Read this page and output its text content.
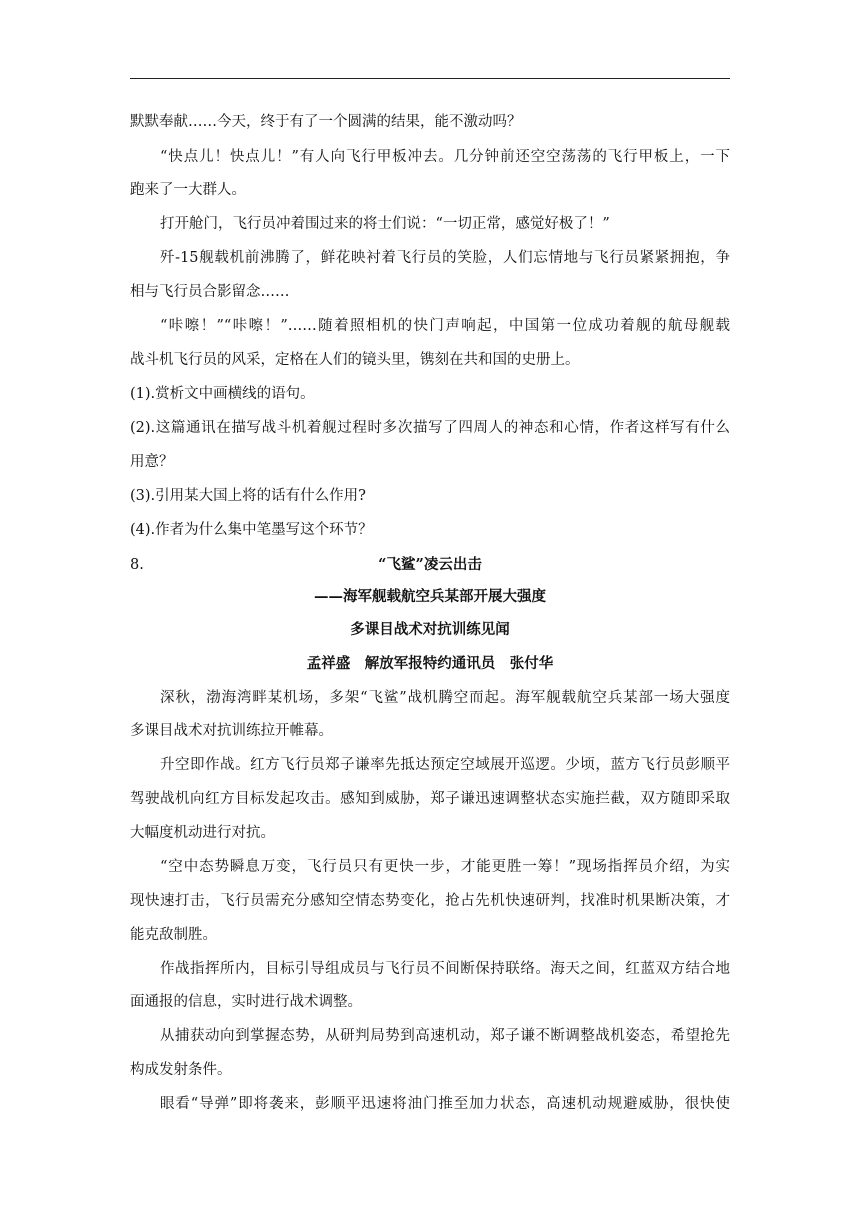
默默奉献……今天，终于有了一个圆满的结果，能不激动吗？
“快点儿！快点儿！”有人向飞行甲板冲去。几分钟前还空空荡荡的飞行甲板上，一下
跑来了一大群人。
打开舱门，飞行员冲着围过来的将士们说：“一切正常，感觉好极了！”
歼-15舰载机前沸腾了，鲜花映衬着飞行员的笑脸，人们忘情地与飞行员紧紧拥抱，争
相与飞行员合影留念……
“咔嚓！”“咔嚓！”……随着照相机的快门声响起，中国第一位成功着舰的航母舰载
战斗机飞行员的风采，定格在人们的镜头里，镌刻在共和国的史册上。
(1).赏析文中画横线的语句。
(2).这篇通讯在描写战斗机着舰过程时多次描写了四周人的神态和心情，作者这样写有什么
用意？
(3).引用某大国上将的话有什么作用?
(4).作者为什么集中笔墨写这个环节？
8.	“飞鲨”凌云出击
——海军舰载航空兵某部开展大强度
多课目战术对抗训练见闻
孟祥盛　解放军报特约通讯员　张付华
深秋，渤海湾畔某机场，多架“飞鲨”战机腾空而起。海军舰载航空兵某部一场大强度
多课目战术对抗训练拉开帷幕。
升空即作战。红方飞行员郑子谦率先抵达预定空域展开巡逻。少顷，蓝方飞行员彭顺平
驾驶战机向红方目标发起攻击。感知到威胁，郑子谦迅速调整状态实施拦截，双方随即采取
大幅度机动进行对抗。
“空中态势瞬息万变，飞行员只有更快一步，才能更胜一筹！”现场指挥员介绍，为实
现快速打击，飞行员需充分感知空情态势变化，抢占先机快速研判，找准时机果断决策，才
能克敌制胜。
作战指挥所内，目标引导组成员与飞行员不间断保持联络。海天之间，红蓝双方结合地
面通报的信息，实时进行战术调整。
从捕获动向到掌握态势，从研判局势到高速机动，郑子谦不断调整战机姿态，希望抢先
构成发射条件。
眼看“导弹”即将袭来，彭顺平迅速将油门推至加力状态，高速机动规避威胁，很快使
